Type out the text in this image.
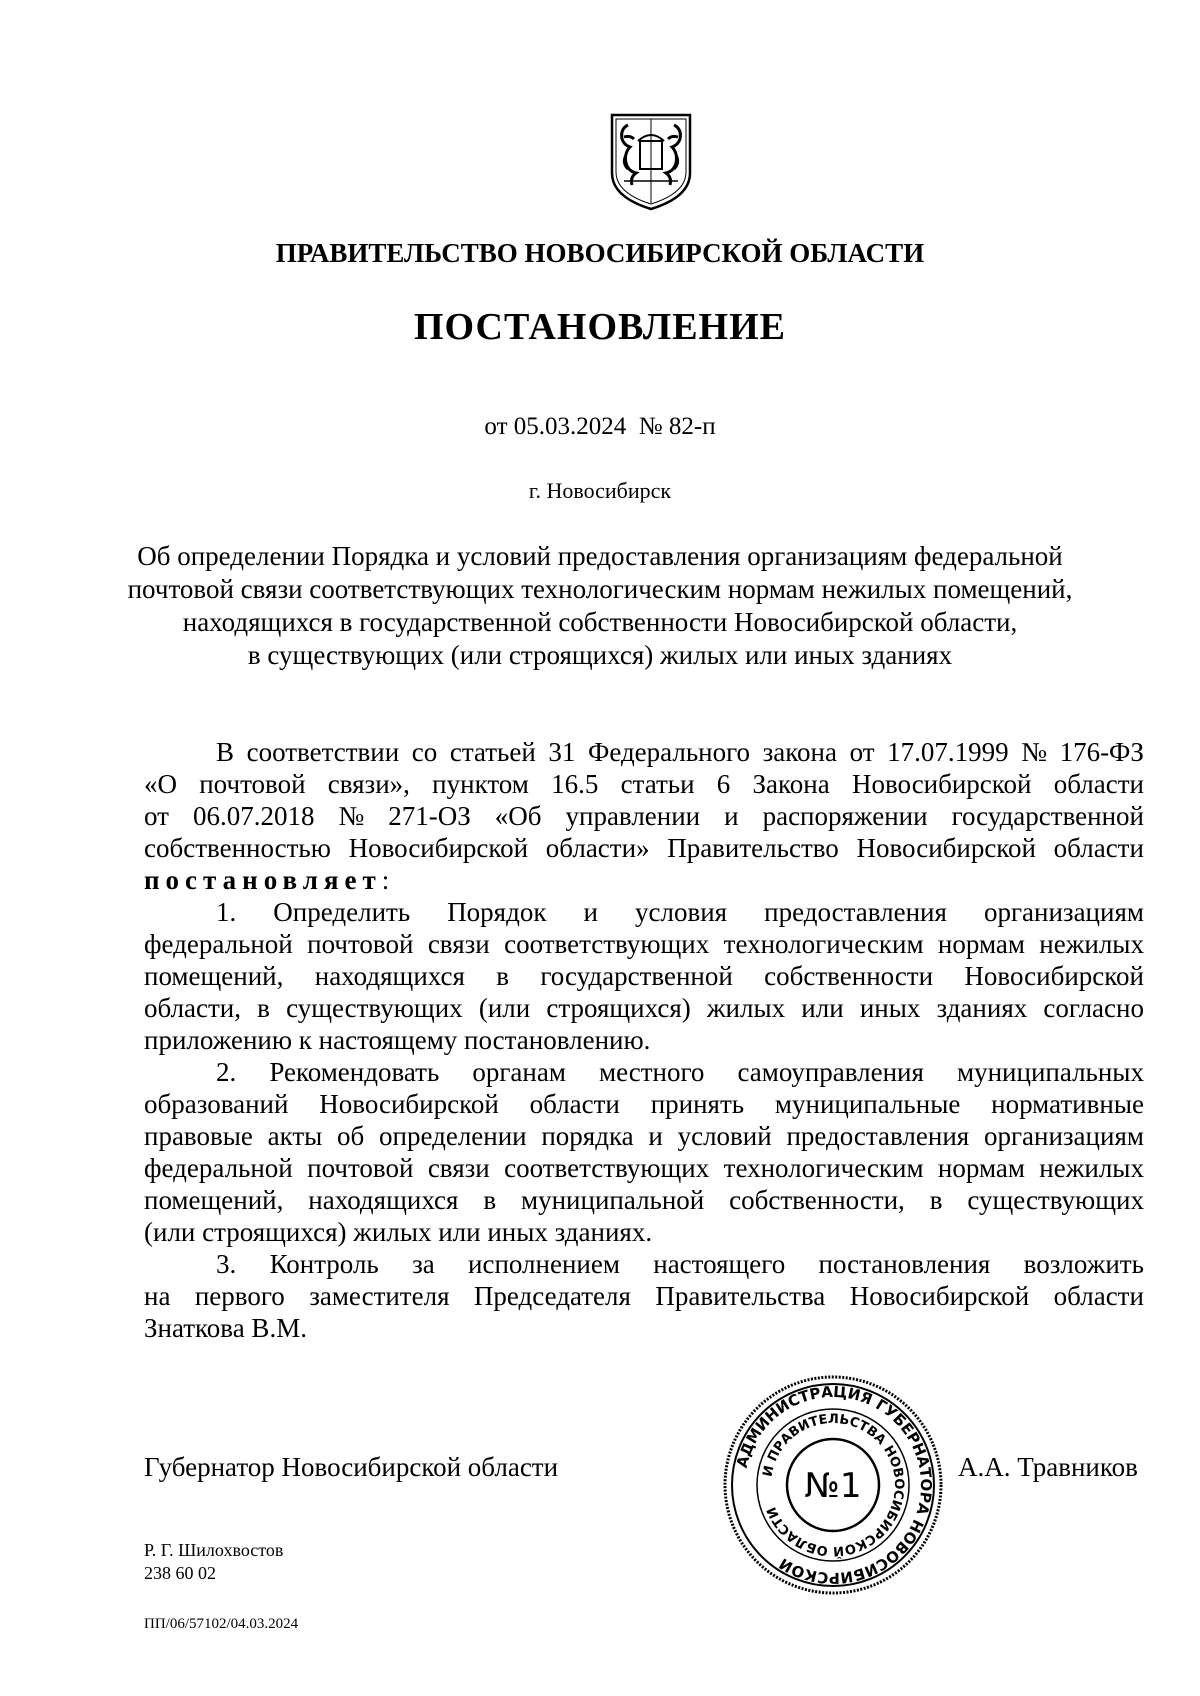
ПРАВИТЕЛЬСТВО НОВОСИБИРСКОЙ ОБЛАСТИ
ПОСТАНОВЛЕНИЕ
от 05.03.2024  № 82-п
г. Новосибирск
Об определении Порядка и условий предоставления организациям федеральной
почтовой связи соответствующих технологическим нормам нежилых помещений,
находящихся в государственной собственности Новосибирской области,
в существующих (или строящихся) жилых или иных зданиях
В соответствии со статьей 31 Федерального закона от 17.07.1999 № 176-ФЗ
«О почтовой связи», пунктом 16.5 статьи 6 Закона Новосибирской области
от 06.07.2018 № 271-ОЗ «Об управлении и распоряжении государственной
собственностью Новосибирской области» Правительство Новосибирской области
постановляет :
1. Определить Порядок и условия предоставления организациям
федеральной почтовой связи соответствующих технологическим нормам нежилых
помещений, находящихся в государственной собственности Новосибирской
области, в существующих (или строящихся) жилых или иных зданиях согласно
приложению к настоящему постановлению.
2. Рекомендовать органам местного самоуправления муниципальных
образований Новосибирской области принять муниципальные нормативные
правовые акты об определении порядка и условий предоставления организациям
федеральной почтовой связи соответствующих технологическим нормам нежилых
помещений, находящихся в муниципальной собственности, в существующих
(или строящихся) жилых или иных зданиях.
3. Контроль за исполнением настоящего постановления возложить
на первого заместителя Председателя Правительства Новосибирской области
Знаткова В.М.
Губернатор Новосибирской области	А.А. Травников
АДМИНИСТРАЦИЯ ГУБЕРНАТОРА НОВОСИБИРСКОЙ
И ПРАВИТЕЛЬСТВА НОВОСИБИРСКОЙ ОБЛАСТИ
№1
Р. Г. Шилохвостов
238 60 02
ПП/06/57102/04.03.2024
